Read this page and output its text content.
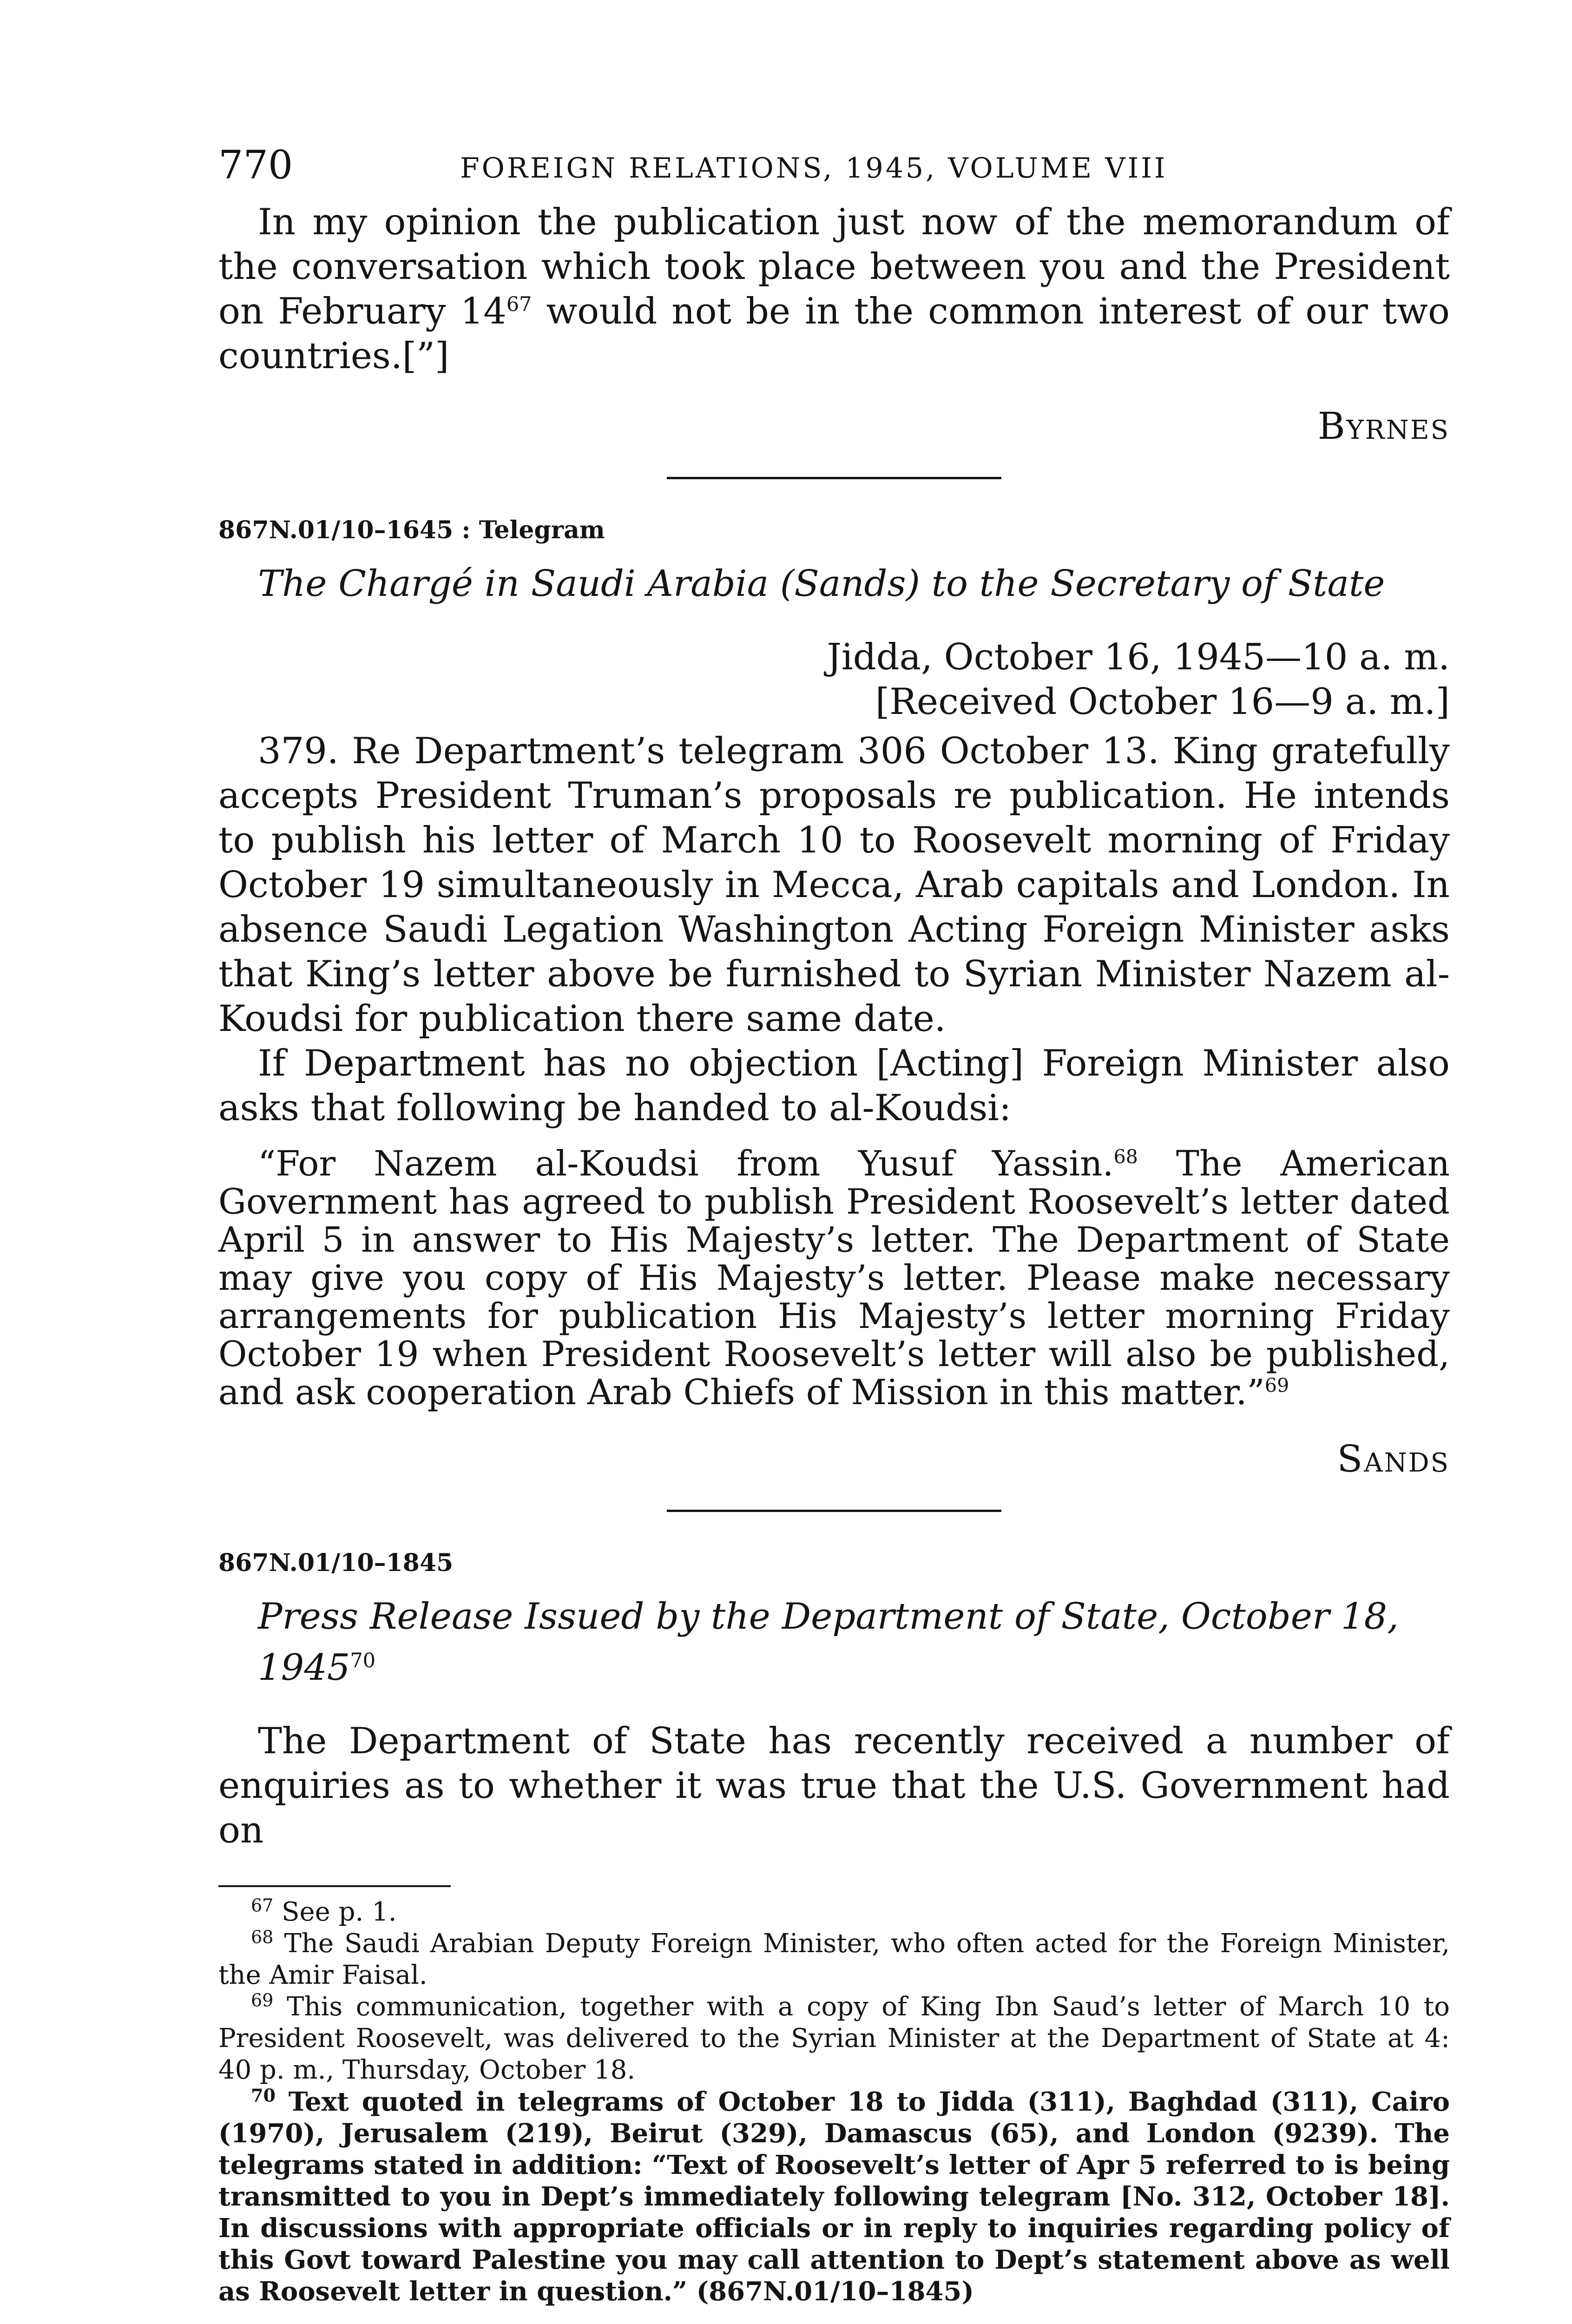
770	FOREIGN RELATIONS, 1945, VOLUME VIII

In my opinion the publication just now of the memorandum of the conversation which took place between you and the President on February $14^{67}$ would not be in the common interest of our two countries.[”]

Byrnes

867N.01/10–1645 : Telegram

The Chargé in Saudi Arabia (Sands) to the Secretary of State

Jidda, October 16, 1945—10 a. m.
[Received October 16—9 a. m.]

379. Re Department’s telegram 306 October 13. King gratefully accepts President Truman’s proposals re publication. He intends to publish his letter of March 10 to Roosevelt morning of Friday October 19 simultaneously in Mecca, Arab capitals and London. In absence Saudi Legation Washington Acting Foreign Minister asks that King’s letter above be furnished to Syrian Minister Nazem al-Koudsi for publication there same date.

If Department has no objection [Acting] Foreign Minister also asks that following be handed to al-Koudsi:

“For Nazem al-Koudsi from Yusuf Yassin.$^{68}$ The American Government has agreed to publish President Roosevelt’s letter dated April 5 in answer to His Majesty’s letter. The Department of State may give you copy of His Majesty’s letter. Please make necessary arrangements for publication His Majesty’s letter morning Friday October 19 when President Roosevelt’s letter will also be published, and ask cooperation Arab Chiefs of Mission in this matter.”$^{69}$

Sands

867N.01/10–1845

Press Release Issued by the Department of State, October 18, 1945$^{70}$

The Department of State has recently received a number of enquiries as to whether it was true that the U.S. Government had on

$^{67}$ See p. 1.

$^{68}$ The Saudi Arabian Deputy Foreign Minister, who often acted for the Foreign Minister, the Amir Faisal.

$^{69}$ This communication, together with a copy of King Ibn Saud’s letter of March 10 to President Roosevelt, was delivered to the Syrian Minister at the Department of State at 4: 40 p. m., Thursday, October 18.

$^{70}$ Text quoted in telegrams of October 18 to Jidda (311), Baghdad (311), Cairo (1970), Jerusalem (219), Beirut (329), Damascus (65), and London (9239). The telegrams stated in addition: “Text of Roosevelt’s letter of Apr 5 referred to is being transmitted to you in Dept’s immediately following telegram [No. 312, October 18]. In discussions with appropriate officials or in reply to inquiries regarding policy of this Govt toward Palestine you may call attention to Dept’s statement above as well as Roosevelt letter in question.” (867N.01/10–1845)
